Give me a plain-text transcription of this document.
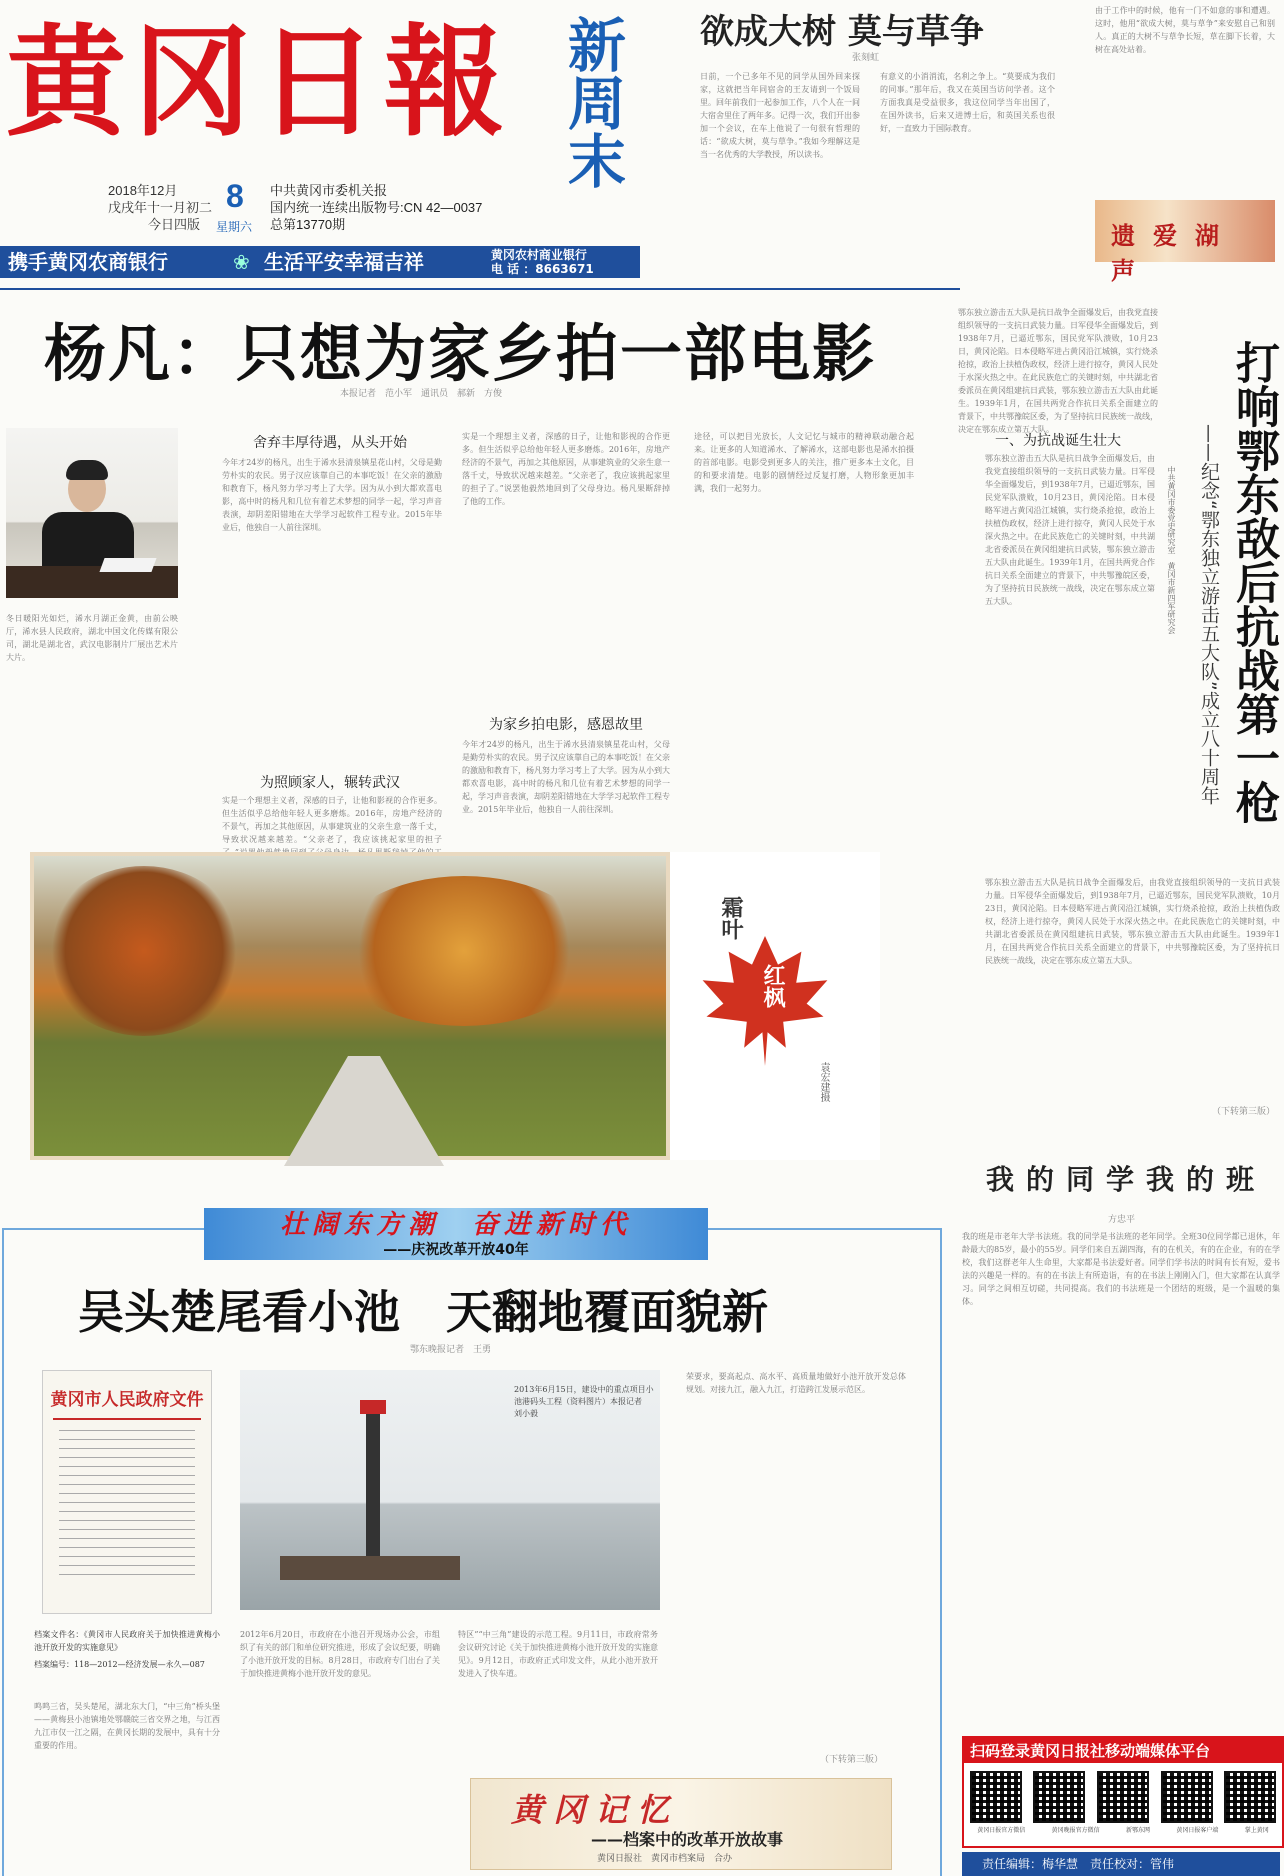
黄冈日報 新周末
2018年12月
戊戌年十一月初二
今日四版
8
星期六
中共黄冈市委机关报
国内统一连续出版物号:CN 42—0037
总第13770期
携手黄冈农商银行	❀ 生活平安幸福吉祥	黄冈农村商业银行
电 话 ：8663671
欲成大树 莫与草争
张刻虹
日前，一个已多年不见的同学从国外回来探家，这就把当年同宿舍的王友请到一个饭局里。回年前我们一起参加工作，八个人在一间大宿舍里住了两年多。记得一次，我们开出参加一个会议，在车上他说了一句很有哲理的话：“欲成大树，莫与草争。”我如今理解这是当一名优秀的大学教授，所以读书。
有意义的小消消流，名利之争上。“莫要成为我们的同事。”那年后，我又在英国当访问学者。这个方面我真是受益很多，我这位同学当年出国了，在国外读书，后来又进博士后，和英国关系也很好，一直致力于国际教育。
由于工作中的时候，他有一门不如意的事和遭遇。这时，他用“欲成大树，莫与草争”来安慰自己和别人。真正的大树不与草争长短，草在脚下长着，大树在高处站着。
遗爱湖声
杨凡：只想为家乡拍一部电影
本报记者　范小军　通讯员　郝新　方俊
冬日暖阳光如烂，浠水月湖正金黄，由前公映厅，浠水县人民政府，湖北中国文化传媒有限公司，湖北是湖北省，武汉电影制片厂展出艺术片大片。
舍弃丰厚待遇，从头开始
今年才24岁的杨凡，出生于浠水县清泉镇星花山村，父母是勤劳朴实的农民。男子汉应该靠自己的本事吃饭！在父亲的激励和教育下，杨凡努力学习考上了大学。因为从小到大都欢喜电影，高中时的杨凡和几位有着艺术梦想的同学一起，学习声音表演，却阴差阳错地在大学学习起软件工程专业。2015年毕业后，他独自一人前往深圳。
为照顾家人，辗转武汉
实是一个理想主义者，深感的日子，让他和影视的合作更多。但生活似乎总给他年轻人更多磨炼。2016年，房地产经济的不景气，再加之其他原因，从事建筑业的父亲生意一落千丈，导致状况越来越差。“父亲老了，我应该挑起家里的担子
实是一个理想主义者，深感的日子，让他和影视的合作更多。但生活似乎总给他年轻人更多磨炼。2016年，房地产经济的不景气，再加之其他原因，从事建筑业的父亲生意一落千丈，导致状况越来越差。“父亲老了，我应该挑起家里的担子了。”说罢他毅然地回到了父母身边。杨凡果断辞掉了他的工作。
为家乡拍电影，感恩故里
今年才24岁的杨凡，出生于浠水县清泉镇星花山村，父母是勤劳朴实的农民。男子汉应该靠自己的本事吃饭！在父亲的激励和教育下，杨凡努力学习考上了大学。因为从小到大都欢喜电影，高中时的杨凡和几位有着艺术梦想的同学一起，学习声音表演，却阴差阳错地在大学学习起软件工程专业。2015年毕业后，他独自一人前往深圳。
途径，可以把目光放长，人文记忆与城市的精神联动融合起来。让更多的人知道浠水、了解浠水，这部电影也是浠水拍摄的首部电影。电影受到更多人的关注，推广更多本土文化，目的和要求清楚。电影的剧情经过反复打磨，人物形象更加丰满，我们一起努力。
霜叶
红枫
袁宏建摄
鄂东独立游击五大队是抗日战争全面爆发后，由我党直接组织领导的一支抗日武装力量。日军侵华全面爆发后，到1938年7月，已逼近鄂东，国民党军队溃败，10月23日，黄冈沦陷。日本侵略军进占黄冈沿江城镇，实行烧杀抢掠，政治上扶植伪政权，经济上进行掠夺，黄冈人民处于水深火热之中。在此民族危亡的关键时刻，中共湖北省委派员在黄冈组建抗日武装，鄂东独立游击五大队由此诞生。1939年1月，在国共两党合作抗日关系全面建立的背景下，中共鄂豫皖区委，为了坚持抗日民族统一战线，决定在鄂东成立第五大队。	打响鄂东敌后抗战第一枪
——纪念“鄂东独立游击五大队”成立八十周年
中共黄冈市委党史研究室　黄冈市新四军研究会
一、为抗战诞生壮大
鄂东独立游击五大队是抗日战争全面爆发后，由我党直接组织领导的一支抗日武装力量。日军侵华全面爆发后，到1938年7月，已逼近鄂东，国民党军队溃败，10月23日，黄冈沦陷。日本侵略军进占黄冈沿江城镇，实行烧杀抢掠，政治上扶植伪政权，经济上进行掠夺，黄冈人民处于水深火热之中。在此民族危亡的关键时刻，中共湖北省委派员在黄冈组建抗日武装，鄂东独立游击五大队由此诞生。1939年1月，在国共两党合作抗日关系全面建立的背景下，中共鄂豫皖区委，为了坚持抗日民族统一战线，决定在鄂东成立第五大队。
鄂东独立游击五大队是抗日战争全面爆发后，由我党直接组织领导的一支抗日武装力量。日军侵华全面爆发后，到1938年7月，已逼近鄂东，国民党军队溃败，10月23日，黄冈沦陷。日本侵略军进占黄冈沿江城镇，实行烧杀抢掠，政治上扶植伪政权，经济上进行掠夺，黄冈人民处于水深火热之中。在此民族危亡的关键时刻，中共湖北省委派员在黄冈组建抗日武装，鄂东独立游击五大队由此诞生。1939年1月，在国共两党合作抗日关系全面建立的背景下，中共鄂豫皖区委，为了坚持抗日民族统一战线，决定在鄂东成立第五大队。
（下转第三版）
我的同学我的班
方忠平
我的班是市老年大学书法班。我的同学是书法班的老年同学。全班30位同学都已退休，年龄最大的85岁，最小的55岁。同学们来自五湖四海，有的在机关，有的在企业，有的在学校，我们这群老年人生命里，大家都是书法爱好者。同学们学书法的时间有长有短，爱书法的兴趣是一样的。有的在书法上有所造诣，有的在书法上刚刚入门，但大家都在认真学习。同学之间相互切磋，共同提高。我们的书法班是一个团结的班级，是一个温暖的集体。
扫码登录黄冈日报社移动端媒体平台
黄冈日报官方微信	黄冈晚报官方微信	新鄂东网	黄冈日报客户端	掌上黄冈
责任编辑：梅华慧　责任校对：管伟
壮阔东方潮　奋进新时代
——庆祝改革开放40年
吴头楚尾看小池　天翻地覆面貌新
鄂东晚报记者　王勇
黄冈市人民政府文件
档案文件名：《黄冈市人民政府关于加快推进黄梅小池开放开发的实施意见》
档案编号：118—2012—经济发展—永久—087
鸣鸣三省，吴头楚尾，湖北东大门，“中三角”桥头堡——黄梅县小池镇地处鄂赣皖三省交界之地，与江西九江市仅一江之隔，在黄冈长期的发展中，具有十分重要的作用。
2013年6月15日，建设中的重点项目小池港码头工程（资料图片）本报记者　刘小毅
2012年6月20日，市政府在小池召开现场办公会，市组织了有关的部门和单位研究推进，形成了会议纪要，明确了小池开放开发的目标。8月28日，市政府专门出台了关于加快推进黄梅小池开放开发的意见。
特区”“中三角”建设的示范工程。9月11日，市政府常务会议研究讨论《关于加快推进黄梅小池开放开发的实施意见》。9月12日，市政府正式印发文件，从此小池开放开发进入了快车道。
荣要求，要高起点、高水平、高质量地做好小池开放开发总体规划。对接九江，融入九江，打造跨江发展示范区。
（下转第三版）
黄冈记忆
——档案中的改革开放故事
黄冈日报社　黄冈市档案局　合办
